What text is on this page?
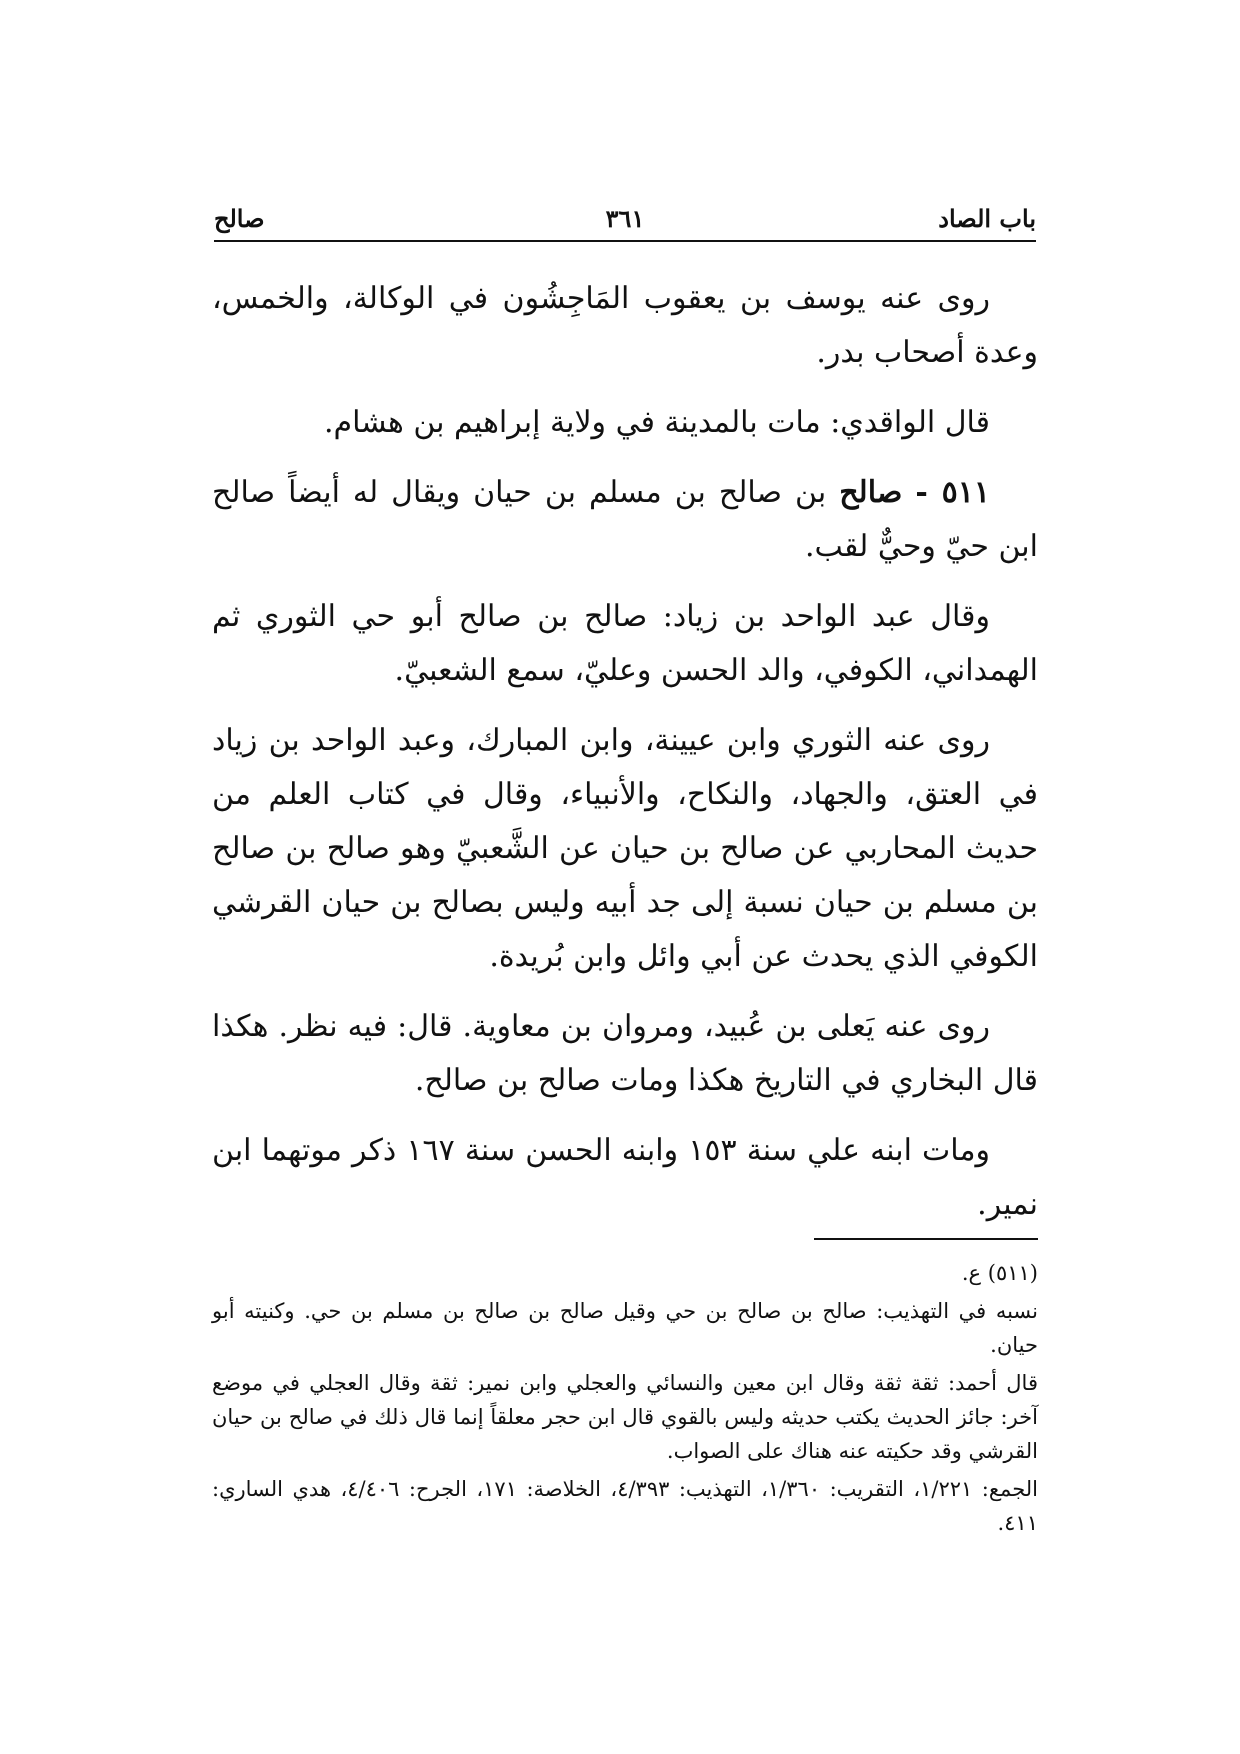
باب الصاد
٣٦١
صالح

روى عنه يوسف بن يعقوب المَاجِشُون في الوكالة، والخمس، وعدة أصحاب بدر.

قال الواقدي: مات بالمدينة في ولاية إبراهيم بن هشام.

٥١١ - صالح بن صالح بن مسلم بن حيان ويقال له أيضاً صالح ابن حيّ وحيٌّ لقب.

وقال عبد الواحد بن زياد: صالح بن صالح أبو حي الثوري ثم الهمداني، الكوفي، والد الحسن وعليّ، سمع الشعبيّ.

روى عنه الثوري وابن عيينة، وابن المبارك، وعبد الواحد بن زياد في العتق، والجهاد، والنكاح، والأنبياء، وقال في كتاب العلم من حديث المحاربي عن صالح بن حيان عن الشَّعبيّ وهو صالح بن صالح بن مسلم بن حيان نسبة إلى جد أبيه وليس بصالح بن حيان القرشي الكوفي الذي يحدث عن أبي وائل وابن بُريدة.

روى عنه يَعلى بن عُبيد، ومروان بن معاوية. قال: فيه نظر. هكذا قال البخاري في التاريخ هكذا ومات صالح بن صالح.

ومات ابنه علي سنة ١٥٣ وابنه الحسن سنة ١٦٧ ذكر موتهما ابن نمير.

(٥١١) ع.

نسبه في التهذيب: صالح بن صالح بن حي وقيل صالح بن صالح بن مسلم بن حي. وكنيته أبو حيان.

قال أحمد: ثقة ثقة وقال ابن معين والنسائي والعجلي وابن نمير: ثقة وقال العجلي في موضع آخر: جائز الحديث يكتب حديثه وليس بالقوي قال ابن حجر معلقاً إنما قال ذلك في صالح بن حيان القرشي وقد حكيته عنه هناك على الصواب.

الجمع: ١/٢٢١، التقريب: ١/٣٦٠، التهذيب: ٤/٣٩٣، الخلاصة: ١٧١، الجرح: ٤/٤٠٦، هدي الساري: ٤١١.
